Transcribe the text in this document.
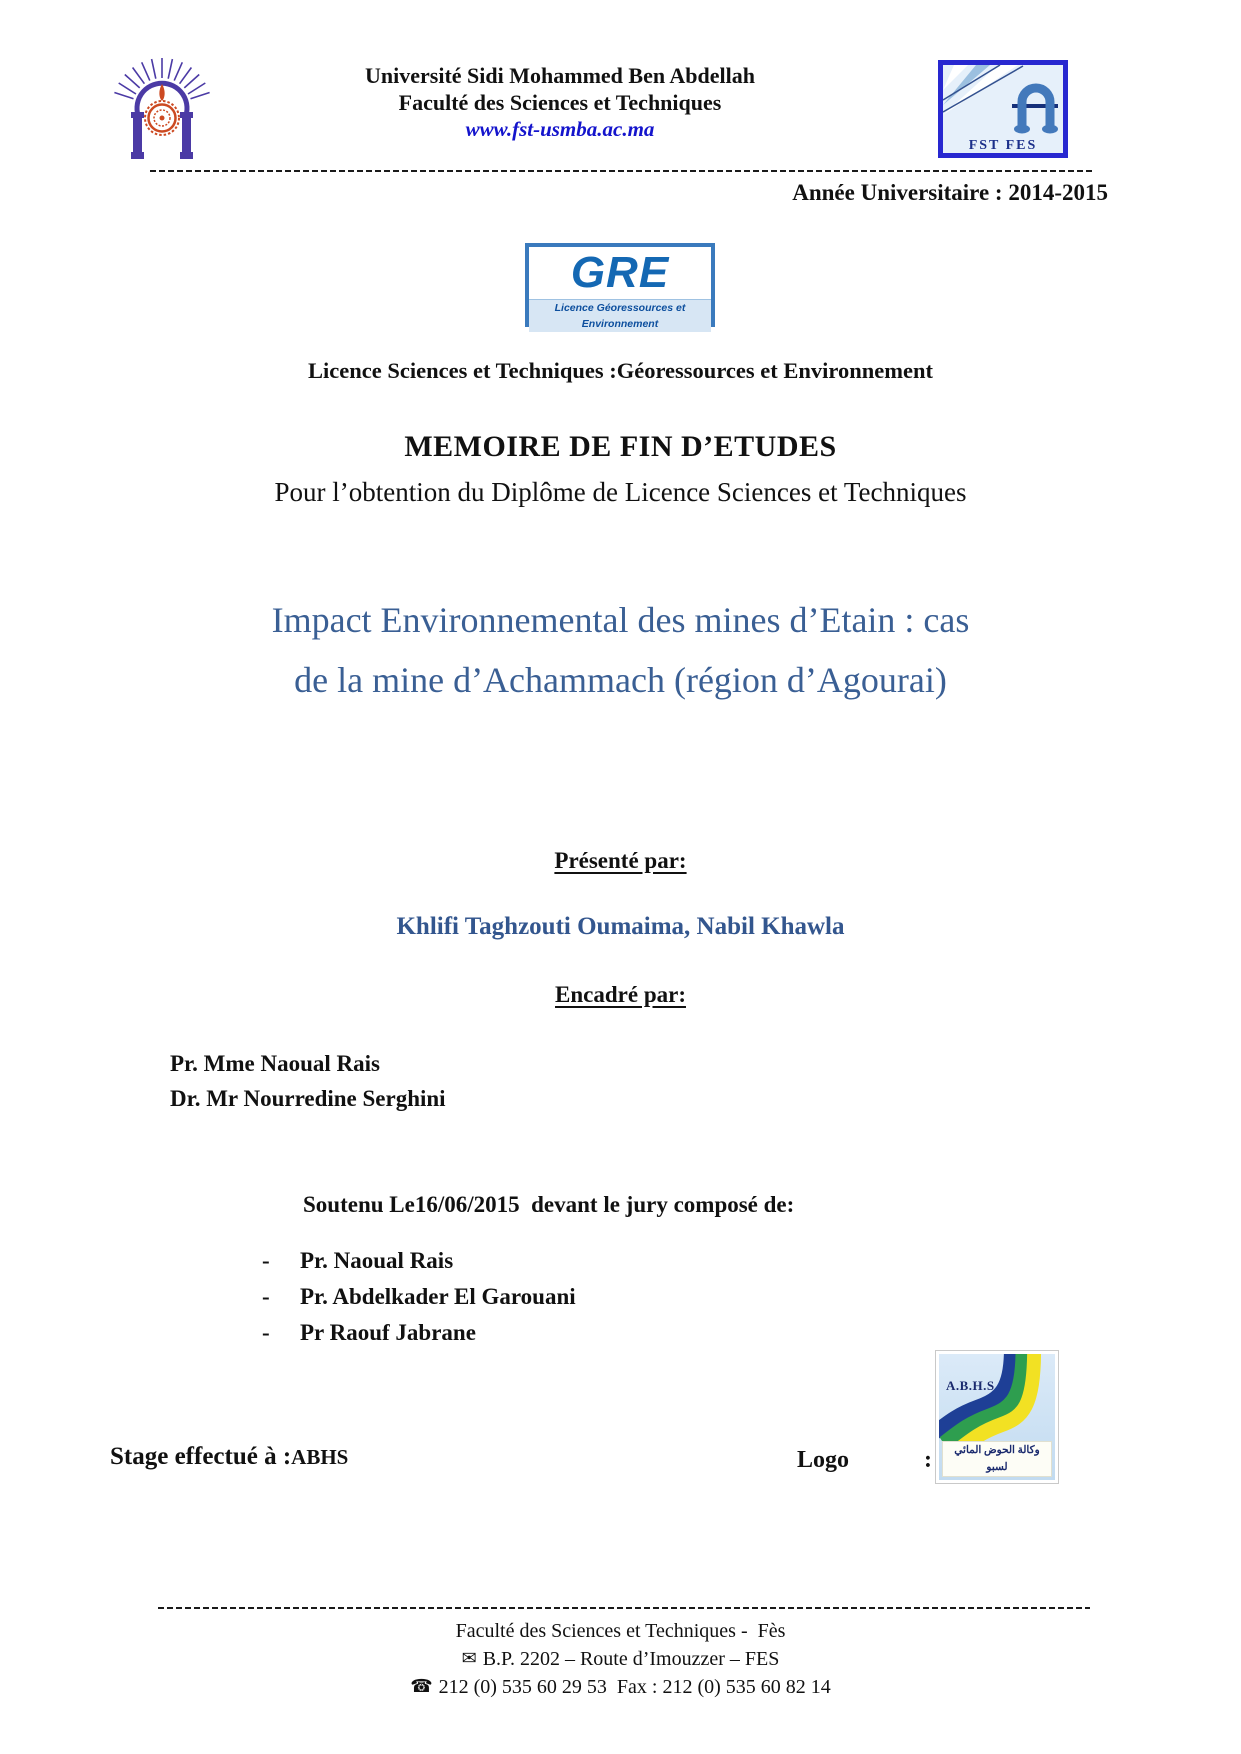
Université Sidi Mohammed Ben Abdellah
Faculté des Sciences et Techniques
www.fst-usmba.ac.ma
FST FES
Année Universitaire : 2014-2015
GRE
Licence Géoressources et Environnement
Licence Sciences et Techniques :Géoressources et Environnement
MEMOIRE DE FIN D’ETUDES
Pour l’obtention du Diplôme de Licence Sciences et Techniques
Impact Environnemental des mines d’Etain : cas
de la mine d’Achammach (région d’Agourai)
Présenté par:
Khlifi Taghzouti Oumaima, Nabil Khawla
Encadré par:
Pr. Mme Naoual Rais
Dr. Mr Nourredine Serghini
Soutenu Le16/06/2015  devant le jury composé de:
-	Pr. Naoual Rais
-	Pr. Abdelkader El Garouani
-	Pr Raouf Jabrane
Stage effectué à :ABHS	Logo	:
A.B.H.S
وكالة الحوض المائي لسبو
Faculté des Sciences et Techniques -  Fès
✉ B.P. 2202 – Route d’Imouzzer – FES
☎ 212 (0) 535 60 29 53  Fax : 212 (0) 535 60 82 14
